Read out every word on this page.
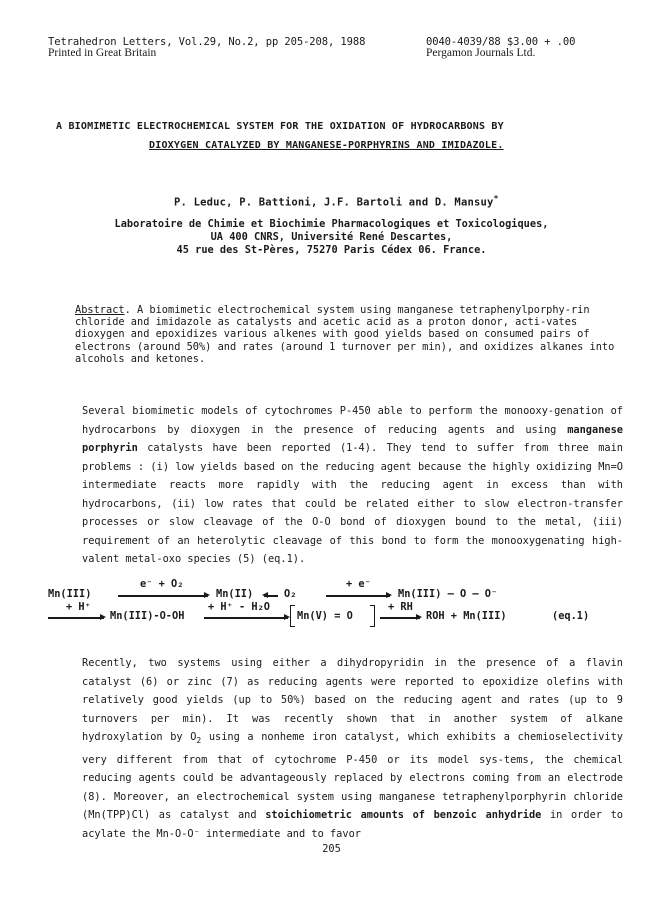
Tetrahedron Letters, Vol.29, No.2, pp 205-208, 1988	0040-4039/88 $3.00 + .00
Printed in Great Britain	Pergamon Journals Ltd.
A BIOMIMETIC ELECTROCHEMICAL SYSTEM FOR THE OXIDATION OF HYDROCARBONS BY
DIOXYGEN CATALYZED BY MANGANESE-PORPHYRINS AND IMIDAZOLE.
P. Leduc, P. Battioni, J.F. Bartoli and D. Mansuy*
Laboratoire de Chimie et Biochimie Pharmacologiques et Toxicologiques,
UA 400 CNRS, Université René Descartes,
45 rue des St-Pères, 75270 Paris Cédex 06. France.
Abstract. A biomimetic electrochemical system using manganese tetraphenylporphy-rin chloride and imidazole as catalysts and acetic acid as a proton donor, acti-vates dioxygen and epoxidizes various alkenes with good yields based on consumed pairs of electrons (around 50%) and rates (around 1 turnover per min), and oxidizes alkanes into alcohols and ketones.

Several biomimetic models of cytochromes P-450 able to perform the monooxy-genation of hydrocarbons by dioxygen in the presence of reducing agents and using manganese porphyrin catalysts have been reported (1-4). They tend to suffer from three main problems : (i) low yields based on the reducing agent because the highly oxidizing Mn=O intermediate reacts more rapidly with the reducing agent in excess than with hydrocarbons, (ii) low rates that could be related either to slow electron-transfer processes or slow cleavage of the O-O bond of dioxygen bound to the metal, (iii) requirement of an heterolytic cleavage of this bond to form the monooxygenating high-valent metal-oxo species (5) (eq.1).

Mn(III)
e⁻ + O₂
Mn(II)	O₂
+ e⁻
Mn(III) – O – O⁻
+ H⁺
Mn(III)-O-OH
+ H⁺ - H₂O
Mn(V) = O
+ RH
ROH + Mn(III)	(eq.1)

Recently, two systems using either a dihydropyridin in the presence of a flavin catalyst (6) or zinc (7) as reducing agents were reported to epoxidize olefins with relatively good yields (up to 50%) based on the reducing agent and rates (up to 9 turnovers per min). It was recently shown that in another system of alkane hydroxylation by $O_2$ using a nonheme iron catalyst, which exhibits a chemioselectivity very different from that of cytochrome P-450 or its model sys-tems, the chemical reducing agents could be advantageously replaced by electrons coming from an electrode (8). Moreover, an electrochemical system using manganese tetraphenylporphyrin chloride (Mn(TPP)Cl) as catalyst and stoichiometric amounts of benzoic anhydride in order to acylate the Mn-O-O⁻ intermediate and to favor

205
